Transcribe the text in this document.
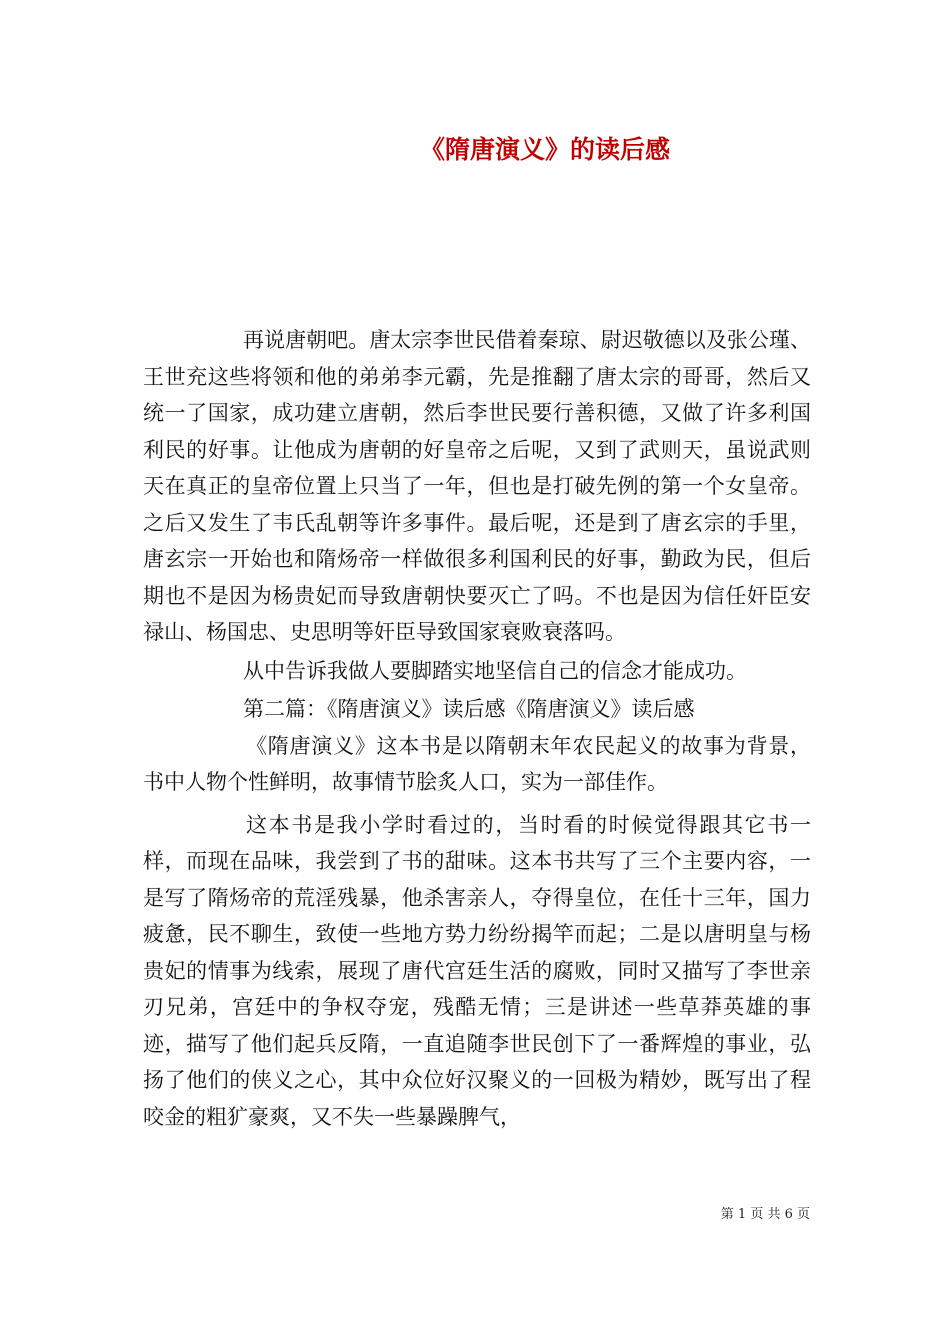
《隋唐演义》的读后感

再说唐朝吧。唐太宗李世民借着秦琼、尉迟敬德以及张公瑾、王世充这些将领和他的弟弟李元霸，先是推翻了唐太宗的哥哥，然后又统一了国家，成功建立唐朝，然后李世民要行善积德，又做了许多利国利民的好事。让他成为唐朝的好皇帝之后呢，又到了武则天，虽说武则天在真正的皇帝位置上只当了一年，但也是打破先例的第一个女皇帝。之后又发生了韦氏乱朝等许多事件。最后呢，还是到了唐玄宗的手里，唐玄宗一开始也和隋炀帝一样做很多利国利民的好事，勤政为民，但后期也不是因为杨贵妃而导致唐朝快要灭亡了吗。不也是因为信任奸臣安禄山、杨国忠、史思明等奸臣导致国家衰败衰落吗。

从中告诉我做人要脚踏实地坚信自己的信念才能成功。

第二篇：《隋唐演义》读后感《隋唐演义》读后感

《隋唐演义》这本书是以隋朝末年农民起义的故事为背景，书中人物个性鲜明，故事情节脍炙人口，实为一部佳作。

这本书是我小学时看过的，当时看的时候觉得跟其它书一样，而现在品味，我尝到了书的甜味。这本书共写了三个主要内容，一是写了隋炀帝的荒淫残暴，他杀害亲人，夺得皇位，在任十三年，国力疲惫，民不聊生，致使一些地方势力纷纷揭竿而起；二是以唐明皇与杨贵妃的情事为线索，展现了唐代宫廷生活的腐败，同时又描写了李世亲刃兄弟，宫廷中的争权夺宠，残酷无情；三是讲述一些草莽英雄的事迹，描写了他们起兵反隋，一直追随李世民创下了一番辉煌的事业，弘扬了他们的侠义之心，其中众位好汉聚义的一回极为精妙，既写出了程咬金的粗犷豪爽，又不失一些暴躁脾气，

第 1 页 共 6 页
